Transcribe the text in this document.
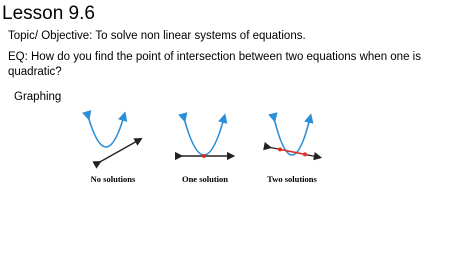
Lesson 9.6
Topic/ Objective: To solve non linear systems of equations.
EQ: How do you find the point of intersection between two equations when one is quadratic?
Graphing
No solutions	One solution	Two solutions
